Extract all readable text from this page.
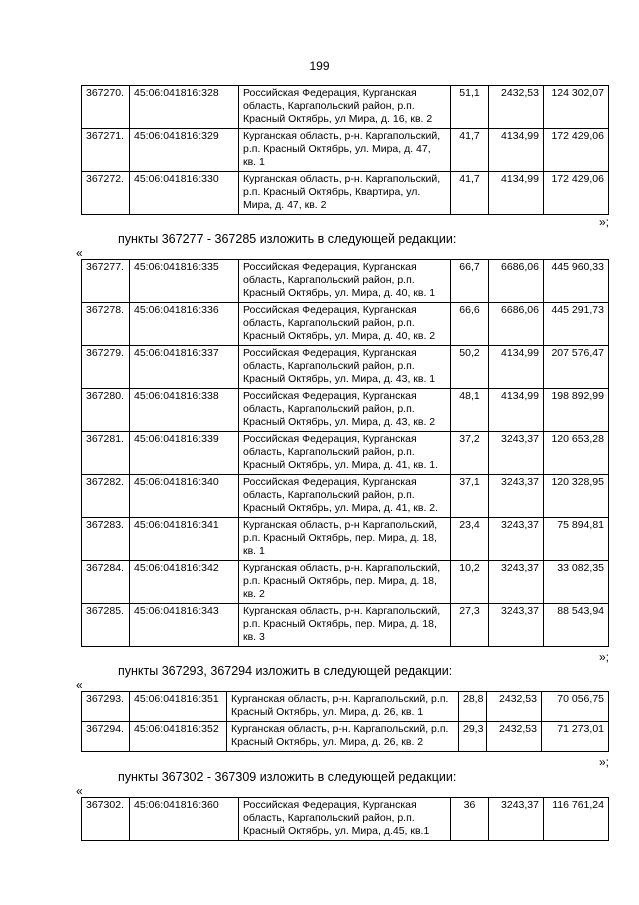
199
367270.	45:06:041816:328	Российская Федерация, Курганская область, Каргапольский район, р.п. Красный Октябрь, ул Мира, д. 16, кв. 2	51,1	2432,53	124 302,07
367271.	45:06:041816:329	Курганская область, р-н. Каргапольский, р.п. Красный Октябрь, ул. Мира, д. 47, кв. 1	41,7	4134,99	172 429,06
367272.	45:06:041816:330	Курганская область, р-н. Каргапольский, р.п. Красный Октябрь, Квартира, ул. Мира, д. 47, кв. 2	41,7	4134,99	172 429,06
»;
пункты 367277 - 367285 изложить в следующей редакции:
«
367277.	45:06:041816:335	Российская Федерация, Курганская область, Каргапольский район, р.п. Красный Октябрь, ул. Мира, д. 40, кв. 1	66,7	6686,06	445 960,33
367278.	45:06:041816:336	Российская Федерация, Курганская область, Каргапольский район, р.п. Красный Октябрь, ул. Мира, д. 40, кв. 2	66,6	6686,06	445 291,73
367279.	45:06:041816:337	Российская Федерация, Курганская область, Каргапольский район, р.п. Красный Октябрь, ул. Мира, д. 43, кв. 1	50,2	4134,99	207 576,47
367280.	45:06:041816:338	Российская Федерация, Курганская область, Каргапольский район, р.п. Красный Октябрь, ул. Мира, д. 43, кв. 2	48,1	4134,99	198 892,99
367281.	45:06:041816:339	Российская Федерация, Курганская область, Каргапольский район, р.п. Красный Октябрь, ул. Мира, д. 41, кв. 1.	37,2	3243,37	120 653,28
367282.	45:06:041816:340	Российская Федерация, Курганская область, Каргапольский район, р.п. Красный Октябрь, ул. Мира, д. 41, кв. 2.	37,1	3243,37	120 328,95
367283.	45:06:041816:341	Курганская область, р-н Каргапольский, р.п. Красный Октябрь, пер. Мира, д. 18, кв. 1	23,4	3243,37	75 894,81
367284.	45:06:041816:342	Курганская область, р-н. Каргапольский, р.п. Красный Октябрь, пер. Мира, д. 18, кв. 2	10,2	3243,37	33 082,35
367285.	45:06:041816:343	Курганская область, р-н. Каргапольский, р.п. Красный Октябрь, пер. Мира, д. 18, кв. 3	27,3	3243,37	88 543,94
»;
пункты 367293, 367294 изложить в следующей редакции:
«
367293.	45:06:041816:351	Курганская область, р-н. Каргапольский, р.п. Красный Октябрь, ул. Мира, д. 26, кв. 1	28,8	2432,53	70 056,75
367294.	45:06:041816:352	Курганская область, р-н. Каргапольский, р.п. Красный Октябрь, ул. Мира, д. 26, кв. 2	29,3	2432,53	71 273,01
»;
пункты 367302 - 367309 изложить в следующей редакции:
«
367302.	45:06:041816:360	Российская Федерация, Курганская область, Каргапольский район, р.п. Красный Октябрь, ул. Мира, д.45, кв.1	36	3243,37	116 761,24
